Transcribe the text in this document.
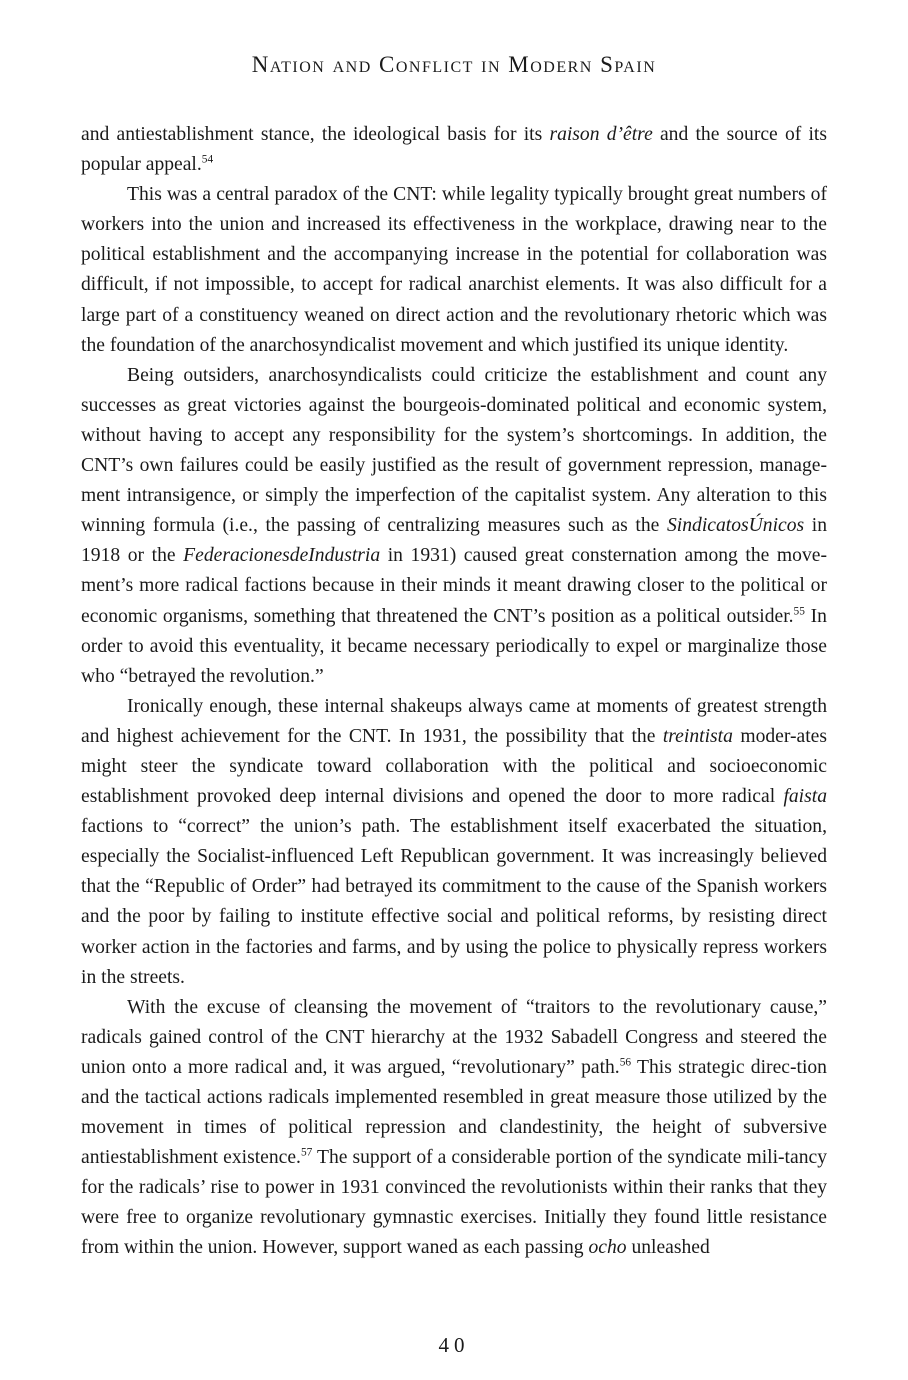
Nation and Conflict in Modern Spain

and antiestablishment stance, the ideological basis for its raison d’être and the source of its popular appeal.$^{54}$

This was a central paradox of the CNT: while legality typically brought great numbers of workers into the union and increased its effectiveness in the workplace, drawing near to the political establishment and the accompanying increase in the potential for collaboration was difficult, if not impossible, to accept for radical anarchist elements. It was also difficult for a large part of a constituency weaned on direct action and the revolutionary rhetoric which was the foundation of the anarchosyndicalist movement and which justified its unique identity.

Being outsiders, anarchosyndicalists could criticize the establishment and count any successes as great victories against the bourgeois-dominated political and economic system, without having to accept any responsibility for the system’s shortcomings. In addition, the CNT’s own failures could be easily justified as the result of government repression, manage-ment intransigence, or simply the imperfection of the capitalist system. Any alteration to this winning formula (i.e., the passing of centralizing measures such as the SindicatosÚnicos in 1918 or the FederacionesdeIndustria in 1931) caused great consternation among the move-ment’s more radical factions because in their minds it meant drawing closer to the political or economic organisms, something that threatened the CNT’s position as a political outsider.$^{55}$ In order to avoid this eventuality, it became necessary periodically to expel or marginalize those who “betrayed the revolution.”

Ironically enough, these internal shakeups always came at moments of greatest strength and highest achievement for the CNT. In 1931, the possibility that the treintista moder-ates might steer the syndicate toward collaboration with the political and socioeconomic establishment provoked deep internal divisions and opened the door to more radical faista factions to “correct” the union’s path. The establishment itself exacerbated the situation, especially the Socialist-influenced Left Republican government. It was increasingly believed that the “Republic of Order” had betrayed its commitment to the cause of the Spanish workers and the poor by failing to institute effective social and political reforms, by resisting direct worker action in the factories and farms, and by using the police to physically repress workers in the streets.

With the excuse of cleansing the movement of “traitors to the revolutionary cause,” radicals gained control of the CNT hierarchy at the 1932 Sabadell Congress and steered the union onto a more radical and, it was argued, “revolutionary” path.$^{56}$ This strategic direc-tion and the tactical actions radicals implemented resembled in great measure those utilized by the movement in times of political repression and clandestinity, the height of subversive antiestablishment existence.$^{57}$ The support of a considerable portion of the syndicate mili-tancy for the radicals’ rise to power in 1931 convinced the revolutionists within their ranks that they were free to organize revolutionary gymnastic exercises. Initially they found little resistance from within the union. However, support waned as each passing ocho unleashed

40
